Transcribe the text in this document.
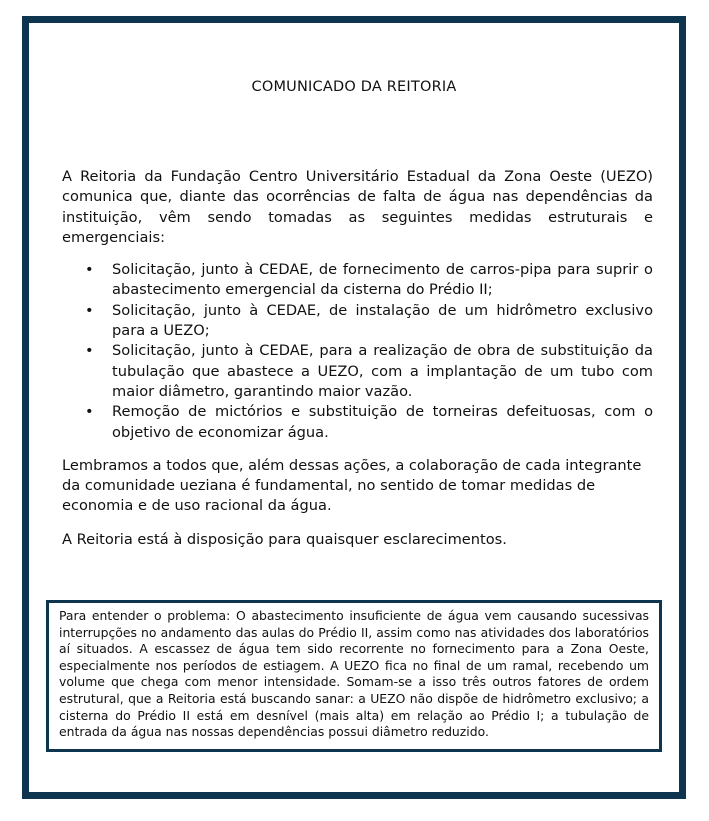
COMUNICADO DA REITORIA

A Reitoria da Fundação Centro Universitário Estadual da Zona Oeste (UEZO) comunica que, diante das ocorrências de falta de água nas dependências da instituição, vêm sendo tomadas as seguintes medidas estruturais e emergenciais:

• Solicitação, junto à CEDAE, de fornecimento de carros-pipa para suprir o abastecimento emergencial da cisterna do Prédio II;
• Solicitação, junto à CEDAE, de instalação de um hidrômetro exclusivo para a UEZO;
• Solicitação, junto à CEDAE, para a realização de obra de substituição da tubulação que abastece a UEZO, com a implantação de um tubo com maior diâmetro, garantindo maior vazão.
• Remoção de mictórios e substituição de torneiras defeituosas, com o objetivo de economizar água.

Lembramos a todos que, além dessas ações, a colaboração de cada integrante da comunidade ueziana é fundamental, no sentido de tomar medidas de economia e de uso racional da água.

A Reitoria está à disposição para quaisquer esclarecimentos.

Para entender o problema: O abastecimento insuficiente de água vem causando sucessivas interrupções no andamento das aulas do Prédio II, assim como nas atividades dos laboratórios aí situados. A escassez de água tem sido recorrente no fornecimento para a Zona Oeste, especialmente nos períodos de estiagem. A UEZO fica no final de um ramal, recebendo um volume que chega com menor intensidade. Somam-se a isso três outros fatores de ordem estrutural, que a Reitoria está buscando sanar: a UEZO não dispõe de hidrômetro exclusivo; a cisterna do Prédio II está em desnível (mais alta) em relação ao Prédio I; a tubulação de entrada da água nas nossas dependências possui diâmetro reduzido.
